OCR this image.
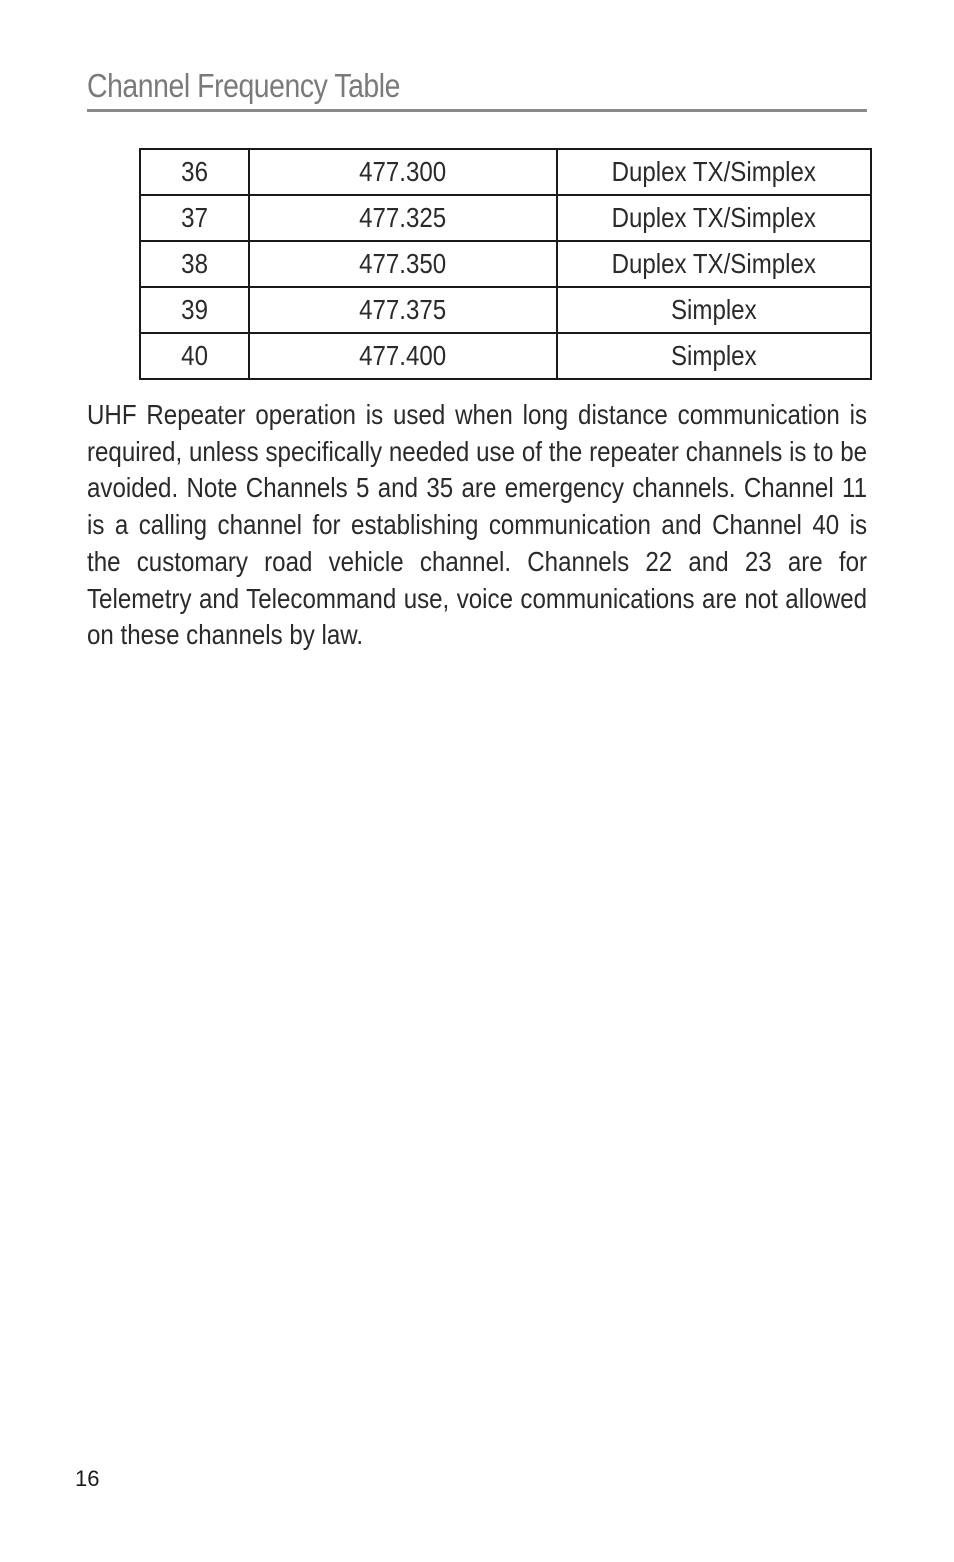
Channel Frequency Table
36	477.300	Duplex TX/Simplex
37	477.325	Duplex TX/Simplex
38	477.350	Duplex TX/Simplex
39	477.375	Simplex
40	477.400	Simplex
UHF Repeater operation is used when long distance communication is required, unless specifically needed use of the repeater channels is to be avoided. Note Channels 5 and 35 are emergency channels. Channel 11 is a calling channel for establishing communication and Channel 40 is the customary road vehicle channel. Channels 22 and 23 are for Telemetry and Telecommand use, voice communications are not allowed on these channels by law.
16
